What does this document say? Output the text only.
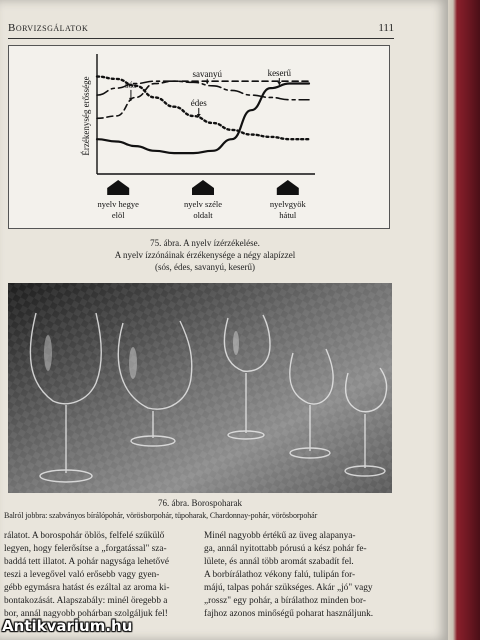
Borvizsgálatok	111
Érzékenység erőssége	sós
savanyú	keserű
édes
nyelv hegye
elöl
nyelv széle
oldalt
nyelvgyök
hátul
75. ábra. A nyelv ízérzékelése.
A nyelv ízzónáinak érzékenysége a négy alapízzel
(sós, édes, savanyú, keserű)
76. ábra. Borospoharak
Balról jobbra: szabványos bírálópohár, vörösborpohár, tüpoharak, Chardonnay-pohár, vörösborpohár
rálatot. A borospohár öblös, felfelé szűkülő
legyen, hogy felerősítse a „forgatással" sza-
baddá tett illatot. A pohár nagysága lehetővé
teszi a levegővel való erősebb vagy gyen-
gébb egymásra hatást és ezáltal az aroma ki-
bontakozását. Alapszabály: minél öregebb a
bor, annál nagyobb pohárban szolgáljuk fel!
Minél nagyobb értékű az üveg alapanya-
ga, annál nyitottabb pórusú a kész pohár fe-
lülete, és annál több aromát szabadít fel.
A borbírálathoz vékony falú, tulipán for-
májú, talpas pohár szükséges. Akár „jó" vagy
„rossz" egy pohár, a bírálathoz minden bor-
fajhoz azonos minőségű poharat használjunk.
Antikvarium.hu
